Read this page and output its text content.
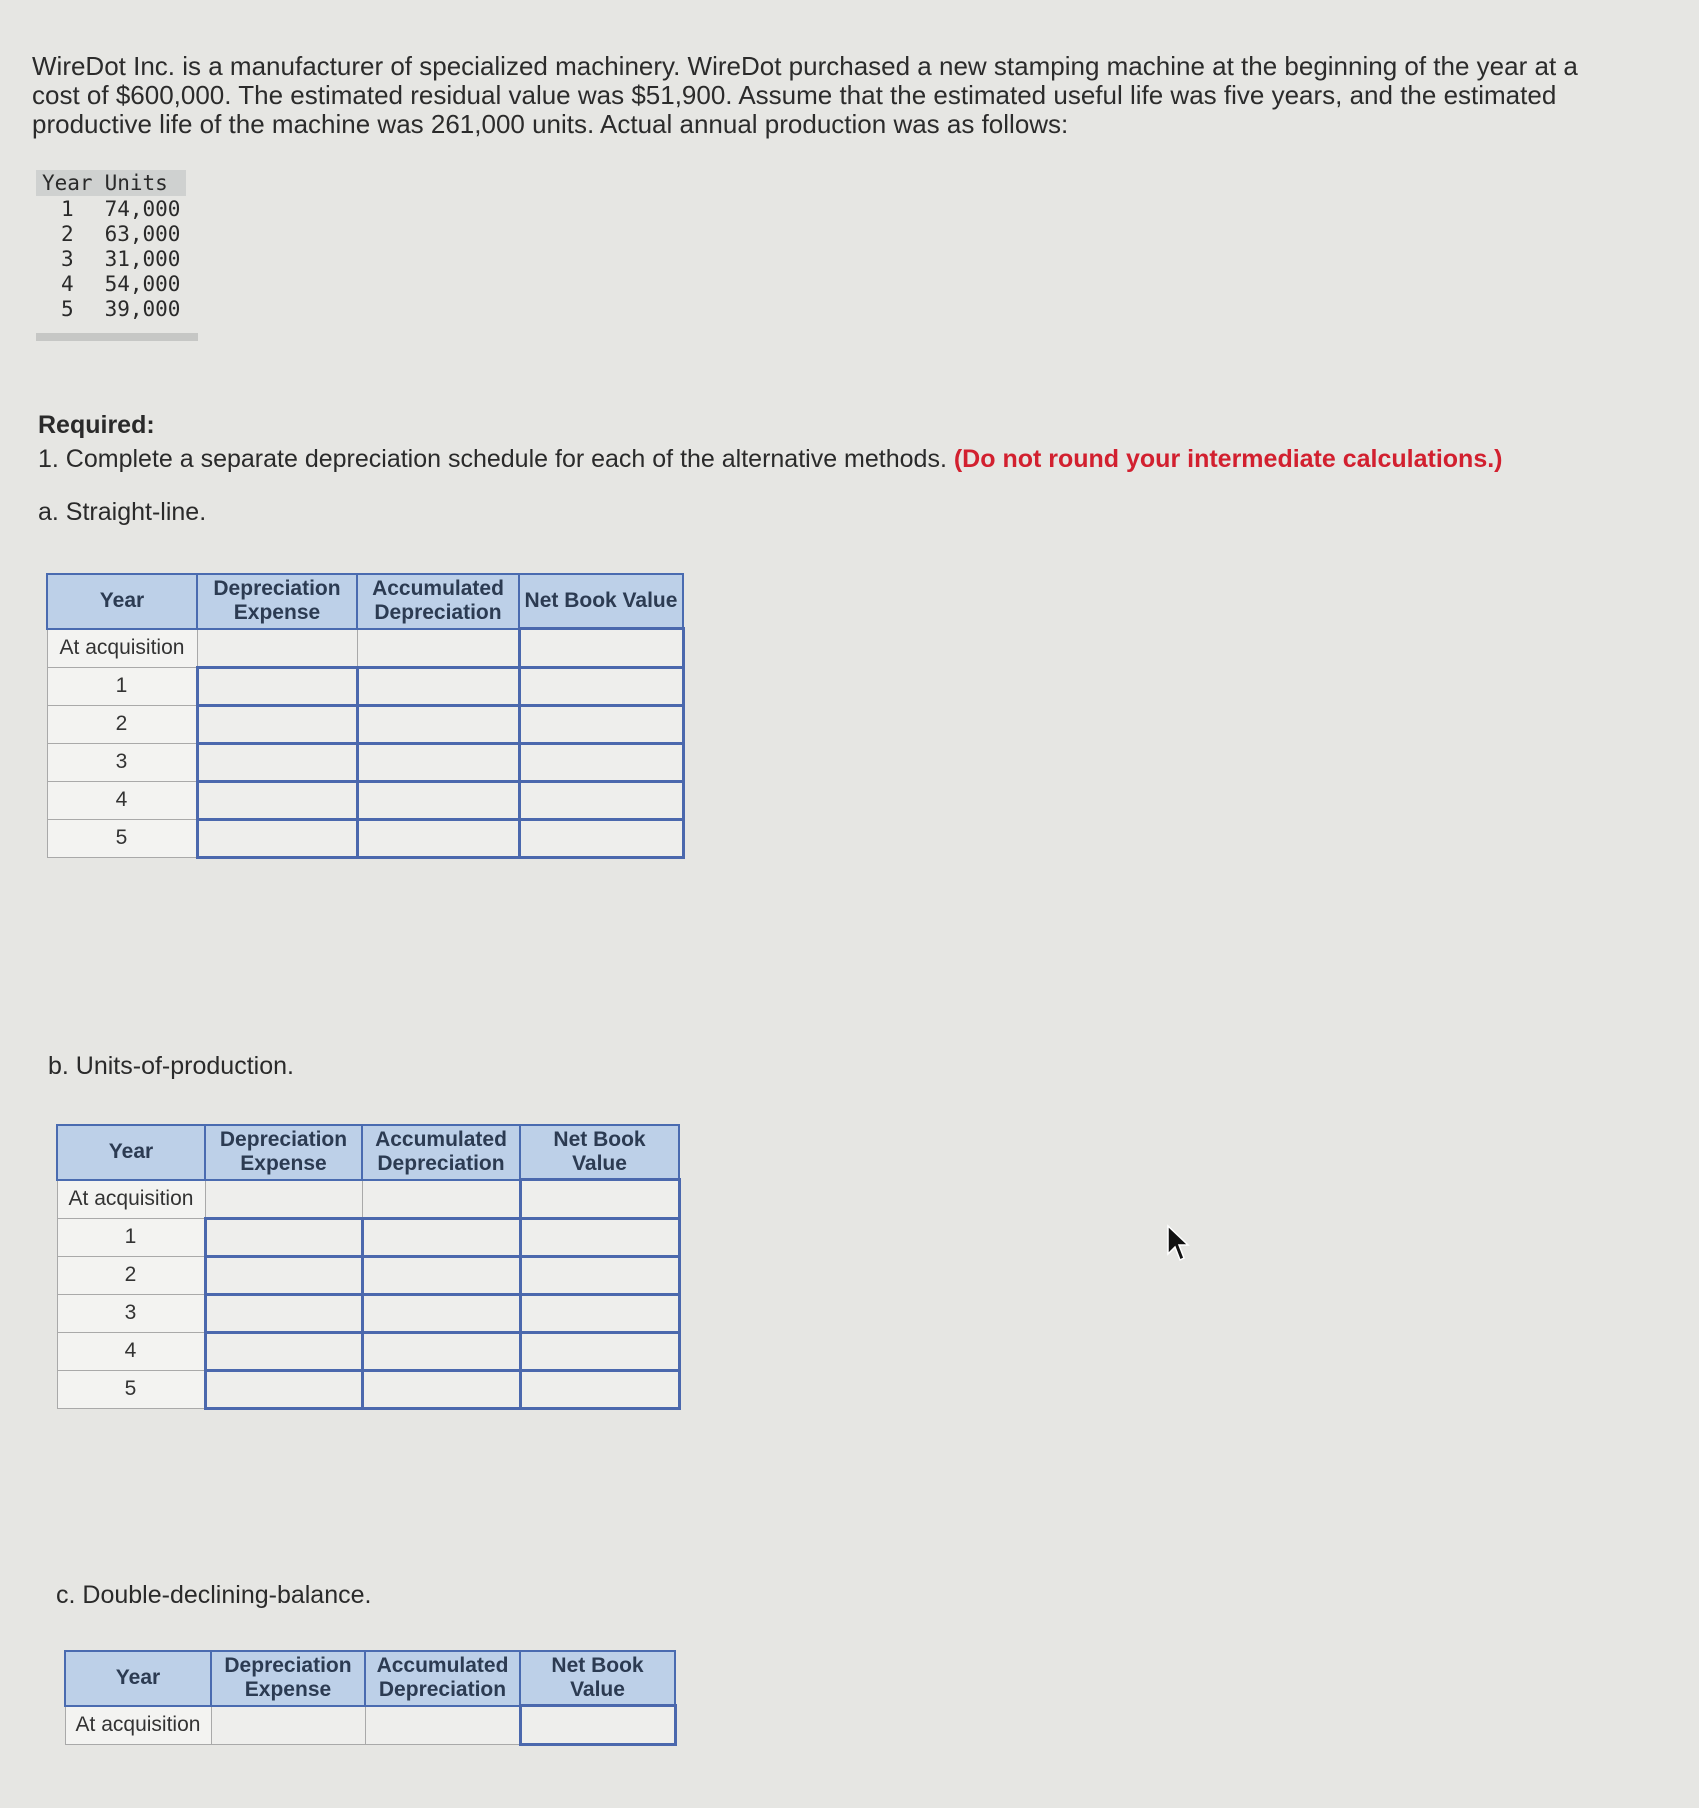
WireDot Inc. is a manufacturer of specialized machinery. WireDot purchased a new stamping machine at the beginning of the year at a cost of $600,000. The estimated residual value was $51,900. Assume that the estimated useful life was five years, and the estimated productive life of the machine was 261,000 units. Actual annual production was as follows:
Year	Units
1	74,000
2	63,000
3	31,000
4	54,000
5	39,000
Required:
1. Complete a separate depreciation schedule for each of the alternative methods. (Do not round your intermediate calculations.)
a. Straight-line.
Year	Depreciation Expense	Accumulated Depreciation	Net Book Value
At acquisition			
1			
2			
3			
4			
5			
b. Units-of-production.
Year	Depreciation Expense	Accumulated Depreciation	Net Book Value
At acquisition			
1			
2			
3			
4			
5			
c. Double-declining-balance.
Year	Depreciation Expense	Accumulated Depreciation	Net Book Value
At acquisition			
